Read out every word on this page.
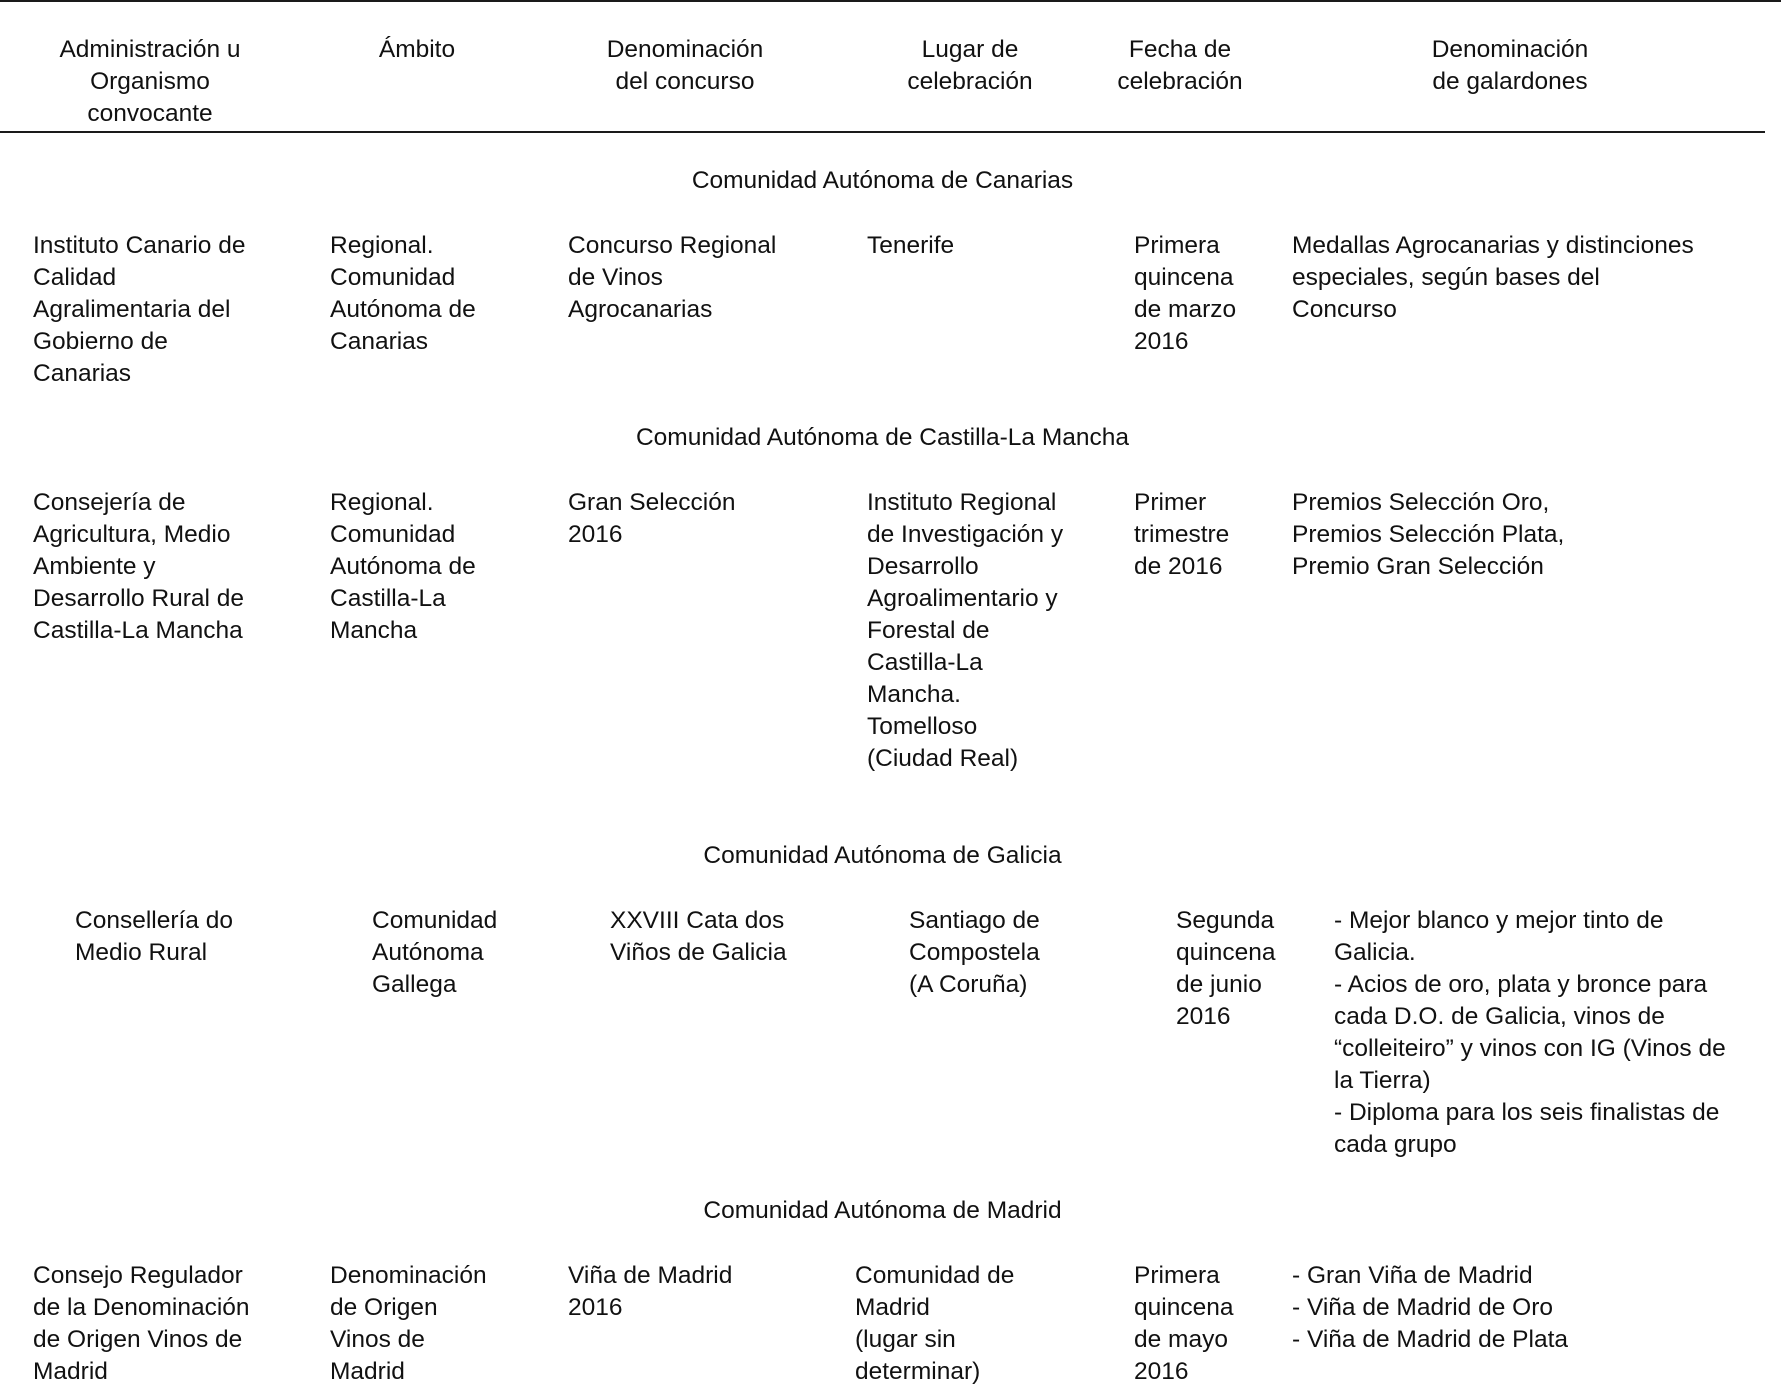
Administración u
Organismo
convocante
Ámbito	Denominación
del concurso
Lugar de
celebración
Fecha de
celebración
Denominación
de galardones
Comunidad Autónoma de Canarias
Instituto Canario de
Calidad
Agralimentaria del
Gobierno de
Canarias
Regional.
Comunidad
Autónoma de
Canarias
Concurso Regional
de Vinos
Agrocanarias
Tenerife	Primera
quincena
de marzo
2016
Medallas Agrocanarias y distinciones
especiales, según bases del
Concurso
Comunidad Autónoma de Castilla-La Mancha
Consejería de
Agricultura, Medio
Ambiente y
Desarrollo Rural de
Castilla-La Mancha
Regional.
Comunidad
Autónoma de
Castilla-La
Mancha
Gran Selección
2016
Instituto Regional
de Investigación y
Desarrollo
Agroalimentario y
Forestal de
Castilla-La
Mancha.
Tomelloso
(Ciudad Real)
Primer
trimestre
de 2016
Premios Selección Oro,
Premios Selección Plata,
Premio Gran Selección
Comunidad Autónoma de Galicia
Consellería do
Medio Rural
Comunidad
Autónoma
Gallega
XXVIII Cata dos
Viños de Galicia
Santiago de
Compostela
(A Coruña)
Segunda
quincena
de junio
2016
- Mejor blanco y mejor tinto de
Galicia.
- Acios de oro, plata y bronce para
cada D.O. de Galicia, vinos de
“colleiteiro” y vinos con IG (Vinos de
la Tierra)
- Diploma para los seis finalistas de
cada grupo
Comunidad Autónoma de Madrid
Consejo Regulador
de la Denominación
de Origen Vinos de
Madrid
Denominación
de Origen
Vinos de
Madrid
Viña de Madrid
2016
Comunidad de
Madrid
(lugar sin
determinar)
Primera
quincena
de mayo
2016
- Gran Viña de Madrid
- Viña de Madrid de Oro
- Viña de Madrid de Plata
